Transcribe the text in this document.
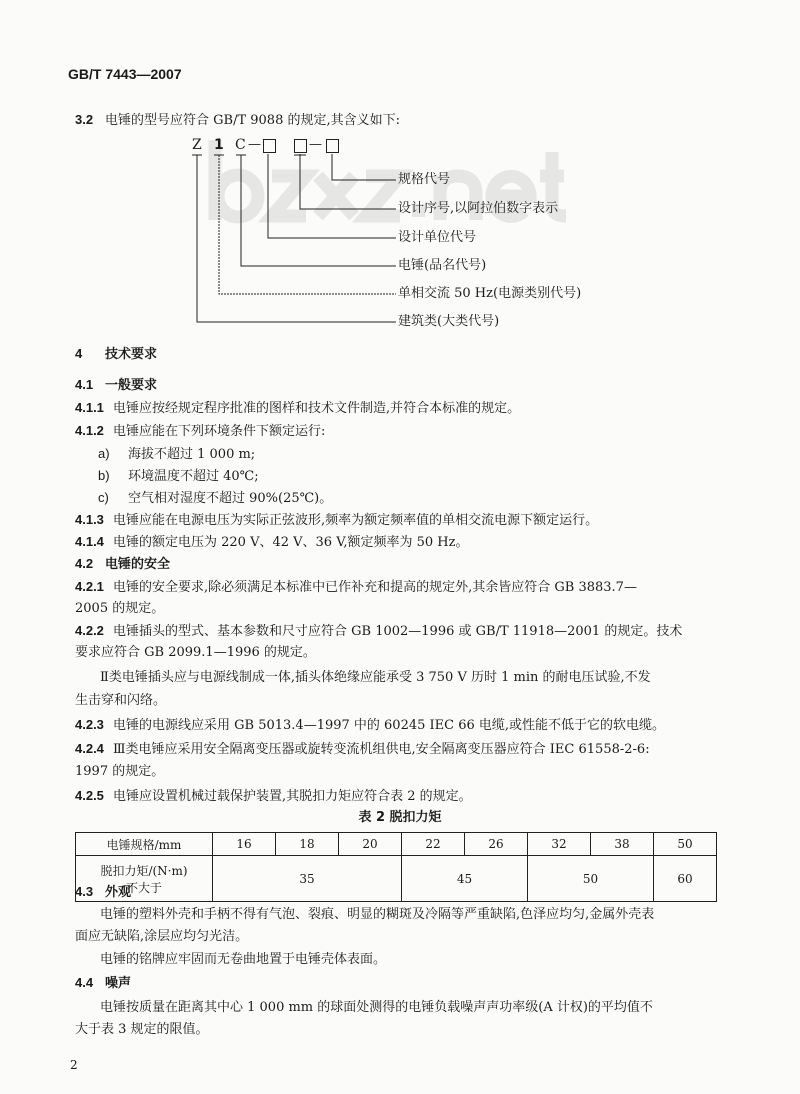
GB/T 7443—2007
3.2 电锤的型号应符合 GB/T 9088 的规定,其含义如下:
Z 1 C —	—
规格代号
设计序号,以阿拉伯数字表示
设计单位代号
电锤(品名代号)
单相交流 50 Hz(电源类别代号)
建筑类(大类代号)
4 技术要求
4.1 一般要求
4.1.1 电锤应按经规定程序批准的图样和技术文件制造,并符合本标准的规定。
4.1.2 电锤应能在下列环境条件下额定运行:
a) 海拔不超过 1 000 m;
b) 环境温度不超过 40℃;
c) 空气相对湿度不超过 90%(25℃)。
4.1.3 电锤应能在电源电压为实际正弦波形,频率为额定频率值的单相交流电源下额定运行。
4.1.4 电锤的额定电压为 220 V、42 V、36 V,额定频率为 50 Hz。
4.2 电锤的安全
4.2.1 电锤的安全要求,除必须满足本标准中已作补充和提高的规定外,其余皆应符合 GB 3883.7—
2005 的规定。
4.2.2 电锤插头的型式、基本参数和尺寸应符合 GB 1002—1996 或 GB/T 11918—2001 的规定。技术
要求应符合 GB 2099.1—1996 的规定。
Ⅱ类电锤插头应与电源线制成一体,插头体绝缘应能承受 3 750 V 历时 1 min 的耐电压试验,不发
生击穿和闪络。
4.2.3 电锤的电源线应采用 GB 5013.4—1997 中的 60245 IEC 66 电缆,或性能不低于它的软电缆。
4.2.4 Ⅲ类电锤应采用安全隔离变压器或旋转变流机组供电,安全隔离变压器应符合 IEC 61558-2-6:
1997 的规定。
4.2.5 电锤应设置机械过载保护装置,其脱扣力矩应符合表 2 的规定。
表 2 脱扣力矩
电锤规格/mm	16	18	20	22	26	32	38	50

脱扣力矩/(N·m)
不大于	35			45		50		60
4.3 外观
电锤的塑料外壳和手柄不得有气泡、裂痕、明显的糊斑及冷隔等严重缺陷,色泽应均匀,金属外壳表
面应无缺陷,涂层应均匀光洁。
电锤的铭牌应牢固而无卷曲地置于电锤壳体表面。
4.4 噪声
电锤按质量在距离其中心 1 000 mm 的球面处测得的电锤负载噪声声功率级(A 计权)的平均值不
大于表 3 规定的限值。
2
